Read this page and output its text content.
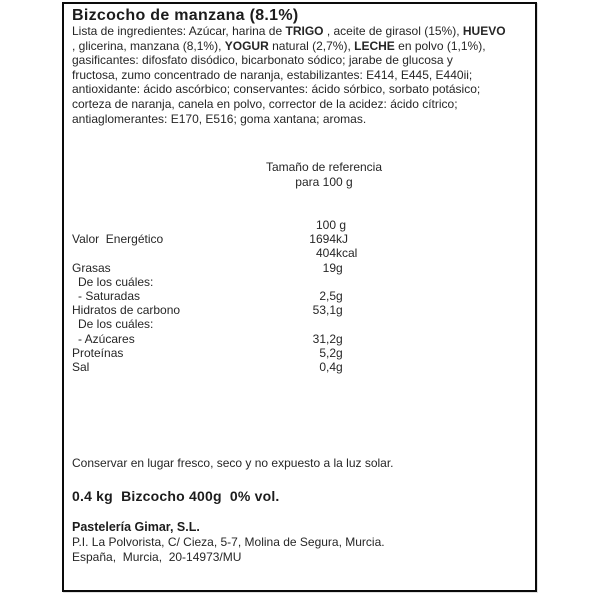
Bizcocho de manzana (8.1%)
Lista de ingredientes: Azúcar, harina de TRIGO , aceite de girasol (15%), HUEVO
, glicerina, manzana (8,1%), YOGUR natural (2,7%), LECHE en polvo (1,1%),
gasificantes: difosfato disódico, bicarbonato sódico; jarabe de glucosa y
fructosa, zumo concentrado de naranja, estabilizantes: E414, E445, E440ii;
antioxidante: ácido ascórbico; conservantes: ácido sórbico, sorbato potásico;
corteza de naranja, canela en polvo, corrector de la acidez: ácido cítrico;
antiaglomerantes: E170, E516; goma xantana; aromas.
Tamaño de referencia
para 100 g
100 g
Valor  Energético	1694 kJ
404 kcal
Grasas	19 g
De los cuáles:
- Saturadas	2,5 g
Hidratos de carbono	53,1 g
De los cuáles:
- Azúcares	31,2 g
Proteínas	5,2 g
Sal	0,4 g
Conservar en lugar fresco, seco y no expuesto a la luz solar.
0.4 kg  Bizcocho 400g  0% vol.
Pastelería Gimar, S.L.
P.I. La Polvorista, C/ Cieza, 5-7, Molina de Segura, Murcia.
España,  Murcia,  20-14973/MU
